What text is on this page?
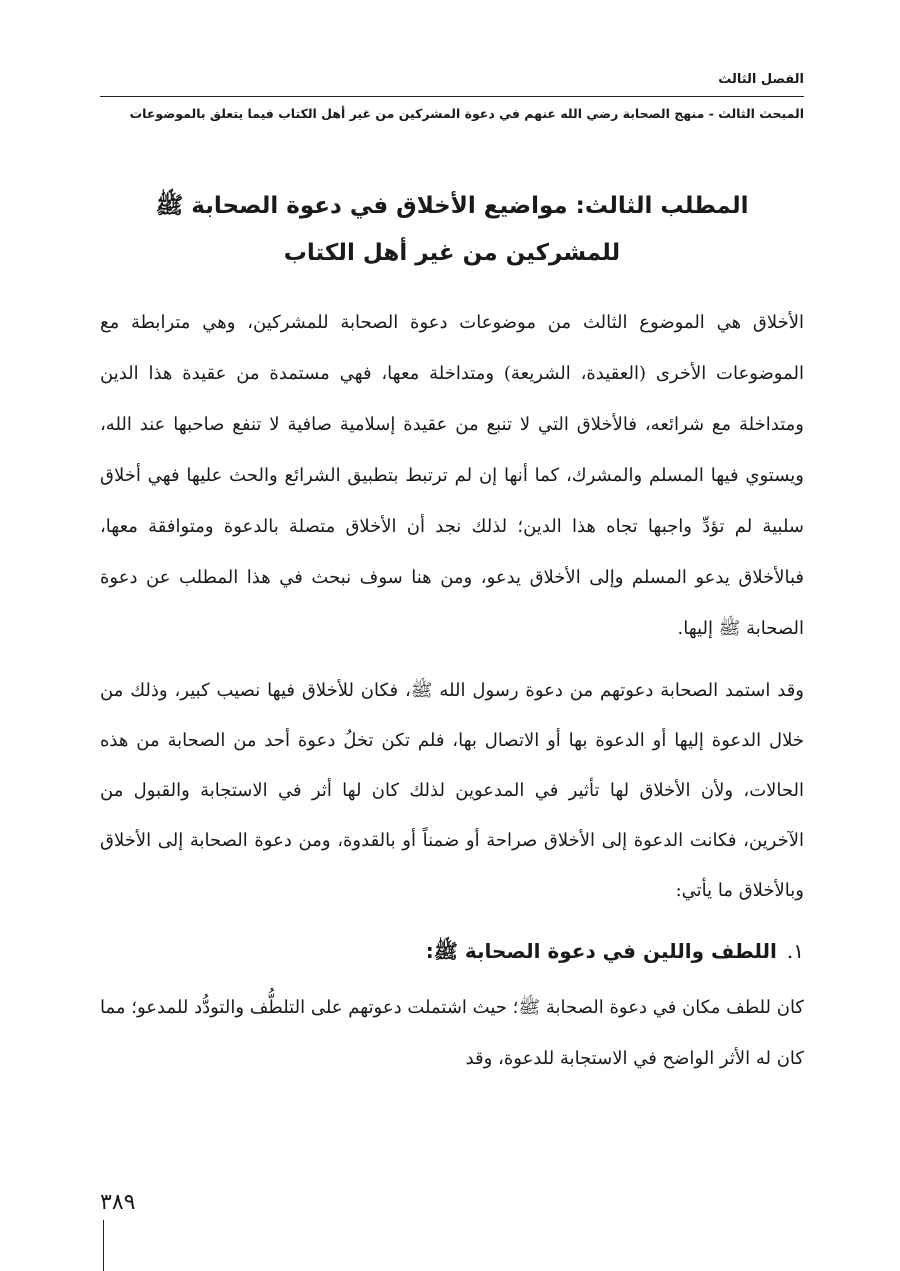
الفصل الثالث
المبحث الثالث - منهج الصحابة رضي الله عنهم في دعوة المشركين من غير أهل الكتاب فيما يتعلق بالموضوعات
المطلب الثالث: مواضيع الأخلاق في دعوة الصحابة ﷺ
للمشركين من غير أهل الكتاب

الأخلاق هي الموضوع الثالث من موضوعات دعوة الصحابة للمشركين، وهي مترابطة مع الموضوعات الأخرى (العقيدة، الشريعة) ومتداخلة معها، فهي مستمدة من عقيدة هذا الدين ومتداخلة مع شرائعه، فالأخلاق التي لا تنبع من عقيدة إسلامية صافية لا تنفع صاحبها عند الله، ويستوي فيها المسلم والمشرك، كما أنها إن لم ترتبط بتطبيق الشرائع والحث عليها فهي أخلاق سلبية لم تؤدِّ واجبها تجاه هذا الدين؛ لذلك نجد أن الأخلاق متصلة بالدعوة ومتوافقة معها، فبالأخلاق يدعو المسلم وإلى الأخلاق يدعو، ومن هنا سوف نبحث في هذا المطلب عن دعوة الصحابة ﷺ إليها.

وقد استمد الصحابة دعوتهم من دعوة رسول الله ﷺ، فكان للأخلاق فيها نصيب كبير، وذلك من خلال الدعوة إليها أو الدعوة بها أو الاتصال بها، فلم تكن تخلُ دعوة أحد من الصحابة من هذه الحالات، ولأن الأخلاق لها تأثير في المدعوين لذلك كان لها أثر في الاستجابة والقبول من الآخرين، فكانت الدعوة إلى الأخلاق صراحة أو ضمناً أو بالقدوة، ومن دعوة الصحابة إلى الأخلاق وبالأخلاق ما يأتي:

١.اللطف واللين في دعوة الصحابة ﷺ:

كان للطف مكان في دعوة الصحابة ﷺ؛ حيث اشتملت دعوتهم على التلطُّف والتودُّد للمدعو؛ مما كان له الأثر الواضح في الاستجابة للدعوة، وقد

٣٨٩
